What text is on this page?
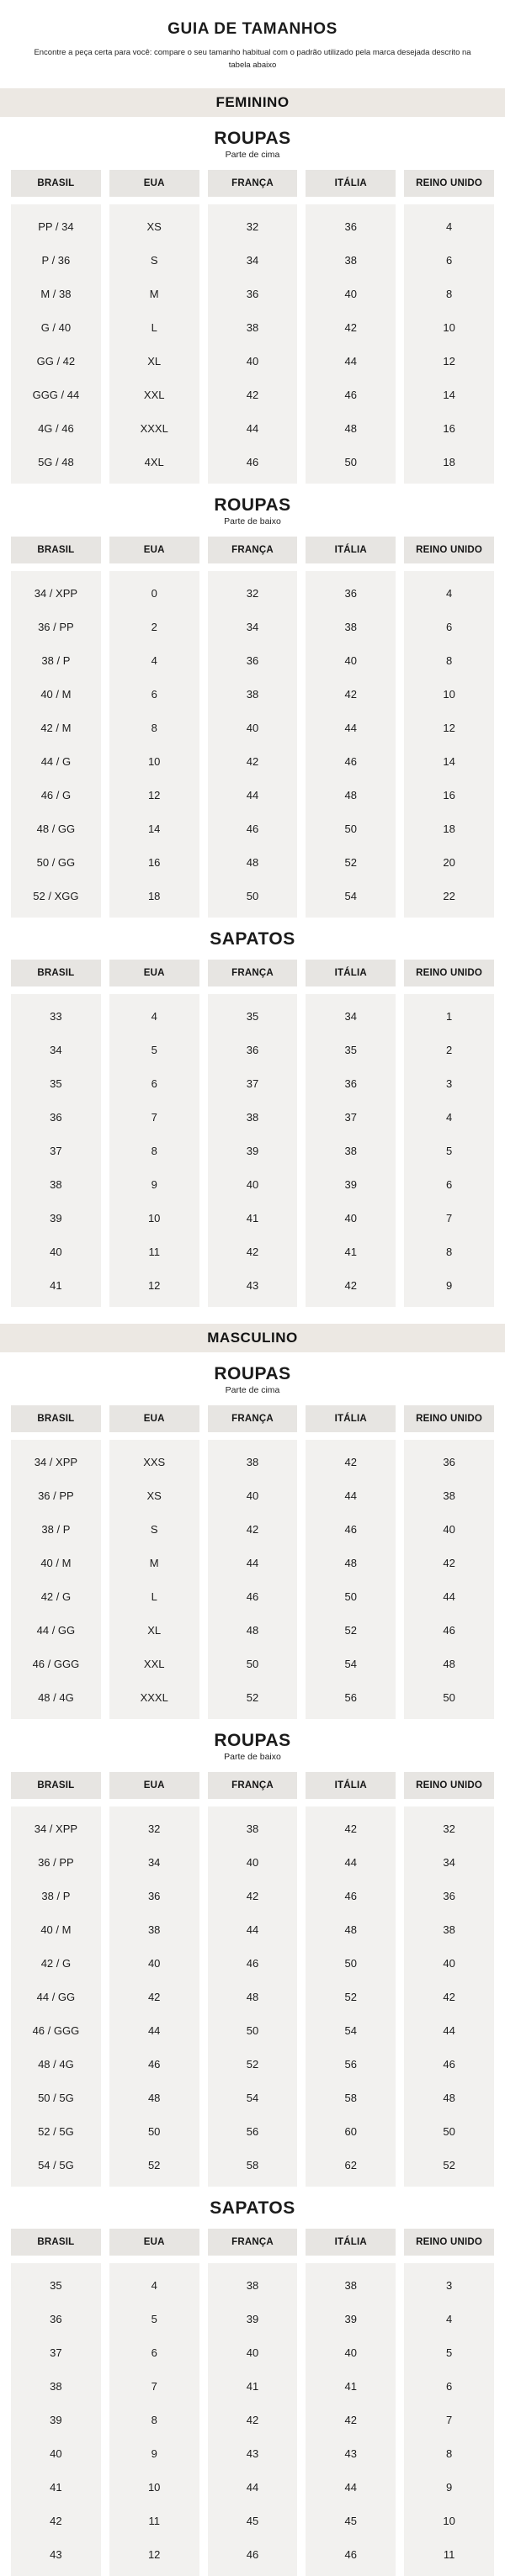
GUIA DE TAMANHOS

Encontre a peça certa para você: compare o seu tamanho habitual com o padrão utilizado pela marca desejada descrito na tabela abaixo

FEMININO
ROUPAS
Parte de cima
BRASIL
PP / 34
P / 36
M / 38
G / 40
GG / 42
GGG / 44
4G / 46
5G / 48
EUA
XS
S
M
L
XL
XXL
XXXL
4XL
FRANÇA
32
34
36
38
40
42
44
46
ITÁLIA
36
38
40
42
44
46
48
50
REINO UNIDO
4
6
8
10
12
14
16
18
ROUPAS
Parte de baixo
BRASIL
34 / XPP
36 / PP
38 / P
40 / M
42 / M
44 / G
46 / G
48 / GG
50 / GG
52 / XGG
EUA
0
2
4
6
8
10
12
14
16
18
FRANÇA
32
34
36
38
40
42
44
46
48
50
ITÁLIA
36
38
40
42
44
46
48
50
52
54
REINO UNIDO
4
6
8
10
12
14
16
18
20
22
SAPATOS
BRASIL
33
34
35
36
37
38
39
40
41
EUA
4
5
6
7
8
9
10
11
12
FRANÇA
35
36
37
38
39
40
41
42
43
ITÁLIA
34
35
36
37
38
39
40
41
42
REINO UNIDO
1
2
3
4
5
6
7
8
9
MASCULINO
ROUPAS
Parte de cima
BRASIL
34 / XPP
36 / PP
38 / P
40 / M
42 / G
44 / GG
46 / GGG
48 / 4G
EUA
XXS
XS
S
M
L
XL
XXL
XXXL
FRANÇA
38
40
42
44
46
48
50
52
ITÁLIA
42
44
46
48
50
52
54
56
REINO UNIDO
36
38
40
42
44
46
48
50
ROUPAS
Parte de baixo
BRASIL
34 / XPP
36 / PP
38 / P
40 / M
42 / G
44 / GG
46 / GGG
48 / 4G
50 / 5G
52 / 5G
54 / 5G
EUA
32
34
36
38
40
42
44
46
48
50
52
FRANÇA
38
40
42
44
46
48
50
52
54
56
58
ITÁLIA
42
44
46
48
50
52
54
56
58
60
62
REINO UNIDO
32
34
36
38
40
42
44
46
48
50
52
SAPATOS
BRASIL
35
36
37
38
39
40
41
42
43
EUA
4
5
6
7
8
9
10
11
12
FRANÇA
38
39
40
41
42
43
44
45
46
ITÁLIA
38
39
40
41
42
43
44
45
46
REINO UNIDO
3
4
5
6
7
8
9
10
11
